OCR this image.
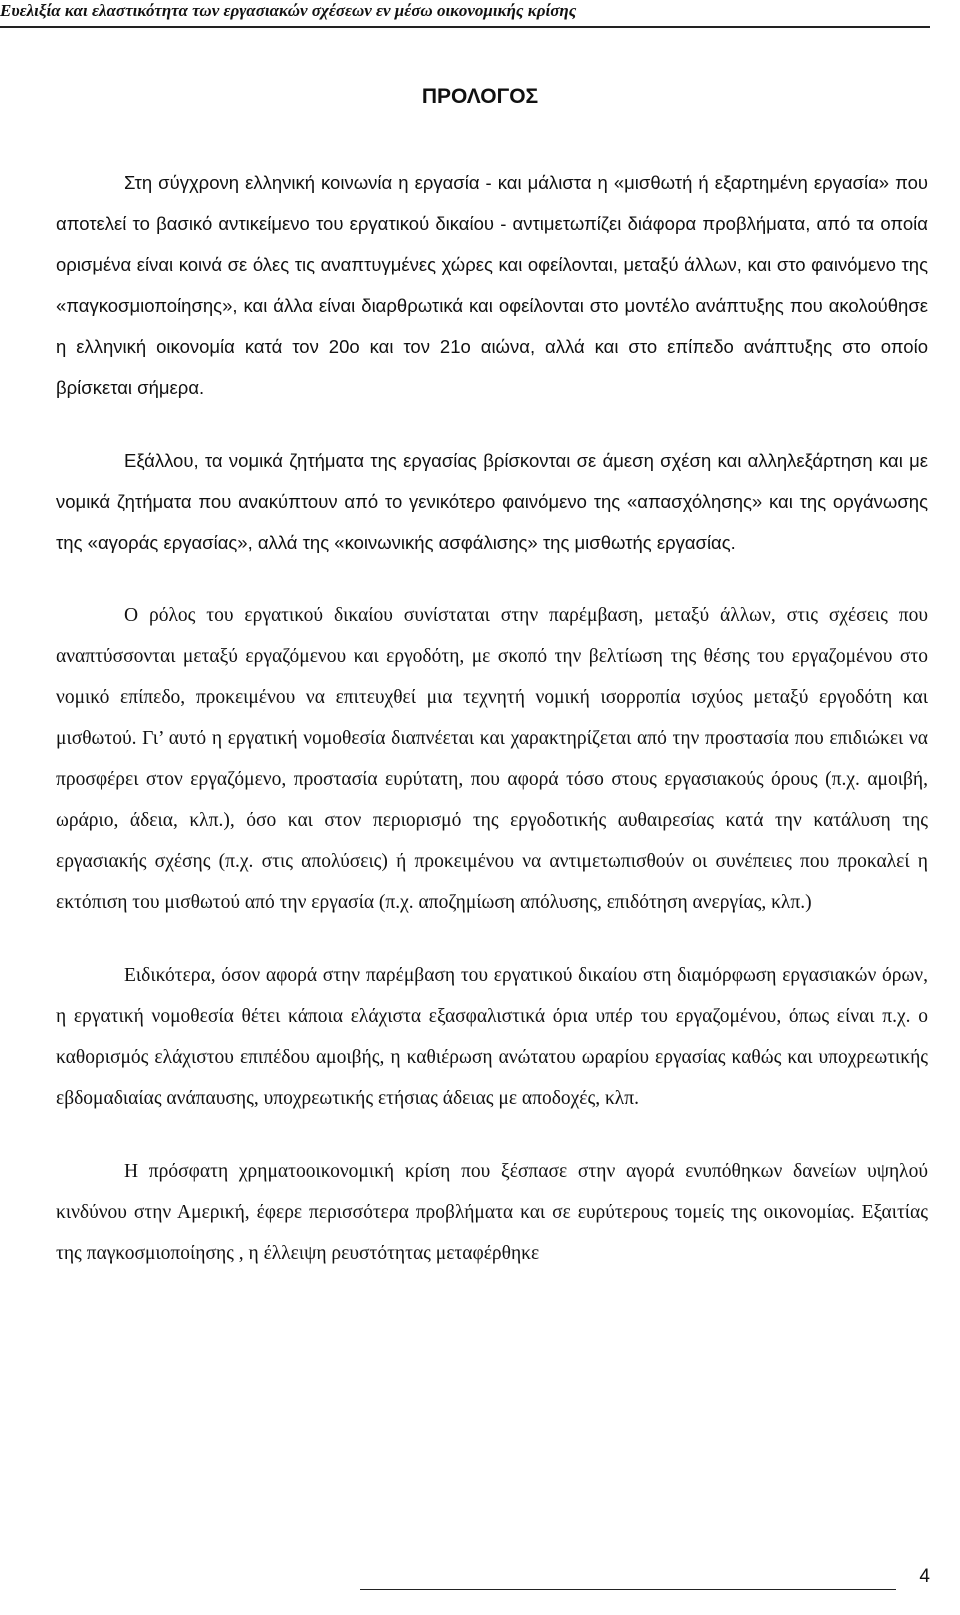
Ευελιξία και ελαστικότητα των εργασιακών σχέσεων εν μέσω οικονομικής κρίσης
ΠΡΟΛΟΓΟΣ

Στη σύγχρονη ελληνική κοινωνία η εργασία - και μάλιστα η «μισθωτή ή εξαρτημένη εργασία» που αποτελεί το βασικό αντικείμενο του εργατικού δικαίου - αντιμετωπίζει διάφορα προβλήματα, από τα οποία ορισμένα είναι κοινά σε όλες τις αναπτυγμένες χώρες και οφείλονται, μεταξύ άλλων, και στο φαινόμενο της «παγκοσμιοποίησης», και άλλα είναι διαρθρωτικά και οφείλονται στο μοντέλο ανάπτυξης που ακολούθησε η ελληνική οικονομία κατά τον 20ο και τον 21ο αιώνα, αλλά και στο επίπεδο ανάπτυξης στο οποίο βρίσκεται σήμερα.

Εξάλλου, τα νομικά ζητήματα της εργασίας βρίσκονται σε άμεση σχέση και αλληλεξάρτηση και με νομικά ζητήματα που ανακύπτουν από το γενικότερο φαινόμενο της «απασχόλησης» και της οργάνωσης της «αγοράς εργασίας», αλλά της «κοινωνικής ασφάλισης» της μισθωτής εργασίας.

Ο ρόλος του εργατικού δικαίου συνίσταται στην παρέμβαση, μεταξύ άλλων, στις σχέσεις που αναπτύσσονται μεταξύ εργαζόμενου και εργοδότη, με σκοπό την βελτίωση της θέσης του εργαζομένου στο νομικό επίπεδο, προκειμένου να επιτευχθεί μια τεχνητή νομική ισορροπία ισχύος μεταξύ εργοδότη και μισθωτού. Γι’ αυτό η εργατική νομοθεσία διαπνέεται και χαρακτηρίζεται από την προστασία που επιδιώκει να προσφέρει στον εργαζόμενο, προστασία ευρύτατη, που αφορά τόσο στους εργασιακούς όρους (π.χ. αμοιβή, ωράριο, άδεια, κλπ.), όσο και στον περιορισμό της εργοδοτικής αυθαιρεσίας κατά την κατάλυση της εργασιακής σχέσης (π.χ. στις απολύσεις) ή προκειμένου να αντιμετωπισθούν οι συνέπειες που προκαλεί η εκτόπιση του μισθωτού από την εργασία (π.χ. αποζημίωση απόλυσης, επιδότηση ανεργίας, κλπ.)

Ειδικότερα, όσον αφορά στην παρέμβαση του εργατικού δικαίου στη διαμόρφωση εργασιακών όρων, η εργατική νομοθεσία θέτει κάποια ελάχιστα εξασφαλιστικά όρια υπέρ του εργαζομένου, όπως είναι π.χ. ο καθορισμός ελάχιστου επιπέδου αμοιβής, η καθιέρωση ανώτατου ωραρίου εργασίας καθώς και υποχρεωτικής εβδομαδιαίας ανάπαυσης, υποχρεωτικής ετήσιας άδειας με αποδοχές, κλπ.

Η πρόσφατη χρηματοοικονομική κρίση που ξέσπασε στην αγορά ενυπόθηκων δανείων υψηλού κινδύνου στην Αμερική, έφερε περισσότερα προβλήματα και σε ευρύτερους τομείς της οικονομίας. Εξαιτίας της παγκοσμιοποίησης , η έλλειψη ρευστότητας μεταφέρθηκε

4
